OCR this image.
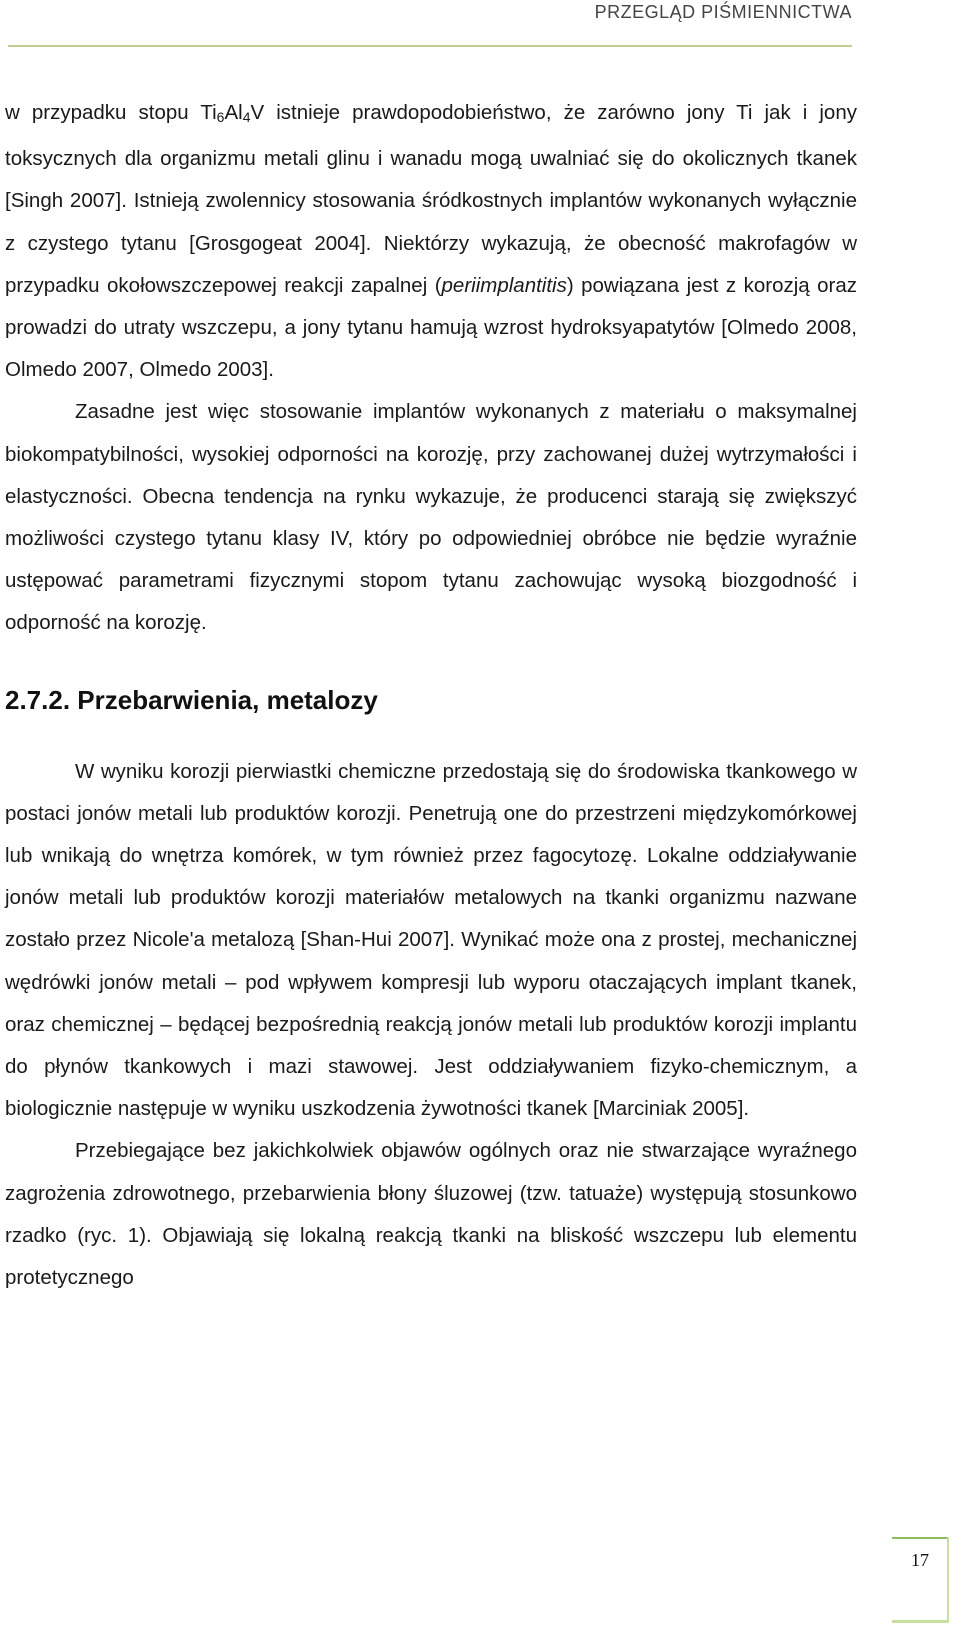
PRZEGLĄD PIŚMIENNICTWA

w przypadku stopu $Ti_6Al_4V$ istnieje prawdopodobieństwo, że zarówno jony Ti jak i jony toksycznych dla organizmu metali glinu i wanadu mogą uwalniać się do okolicznych tkanek [Singh 2007]. Istnieją zwolennicy stosowania śródkostnych implantów wykonanych wyłącznie z czystego tytanu [Grosgogeat 2004]. Niektórzy wykazują, że obecność makrofagów w przypadku okołowszczepowej reakcji zapalnej (periimplantitis) powiązana jest z korozją oraz prowadzi do utraty wszczepu, a jony tytanu hamują wzrost hydroksyapatytów [Olmedo 2008, Olmedo 2007, Olmedo 2003].

Zasadne jest więc stosowanie implantów wykonanych z materiału o maksymalnej biokompatybilności, wysokiej odporności na korozję, przy zachowanej dużej wytrzymałości i elastyczności. Obecna tendencja na rynku wykazuje, że producenci starają się zwiększyć możliwości czystego tytanu klasy IV, który po odpowiedniej obróbce nie będzie wyraźnie ustępować parametrami fizycznymi stopom tytanu zachowując wysoką biozgodność i odporność na korozję.

2.7.2. Przebarwienia, metalozy

W wyniku korozji pierwiastki chemiczne przedostają się do środowiska tkankowego w postaci jonów metali lub produktów korozji. Penetrują one do przestrzeni międzykomórkowej lub wnikają do wnętrza komórek, w tym również przez fagocytozę. Lokalne oddziaływanie jonów metali lub produktów korozji materiałów metalowych na tkanki organizmu nazwane zostało przez Nicole'a metalozą [Shan-Hui 2007]. Wynikać może ona z prostej, mechanicznej wędrówki jonów metali – pod wpływem kompresji lub wyporu otaczających implant tkanek, oraz chemicznej – będącej bezpośrednią reakcją jonów metali lub produktów korozji implantu do płynów tkankowych i mazi stawowej. Jest oddziaływaniem fizyko-chemicznym, a biologicznie następuje w wyniku uszkodzenia żywotności tkanek [Marciniak 2005].

Przebiegające bez jakichkolwiek objawów ogólnych oraz nie stwarzające wyraźnego zagrożenia zdrowotnego, przebarwienia błony śluzowej (tzw. tatuaże) występują stosunkowo rzadko (ryc. 1). Objawiają się lokalną reakcją tkanki na bliskość wszczepu lub elementu protetycznego

17
